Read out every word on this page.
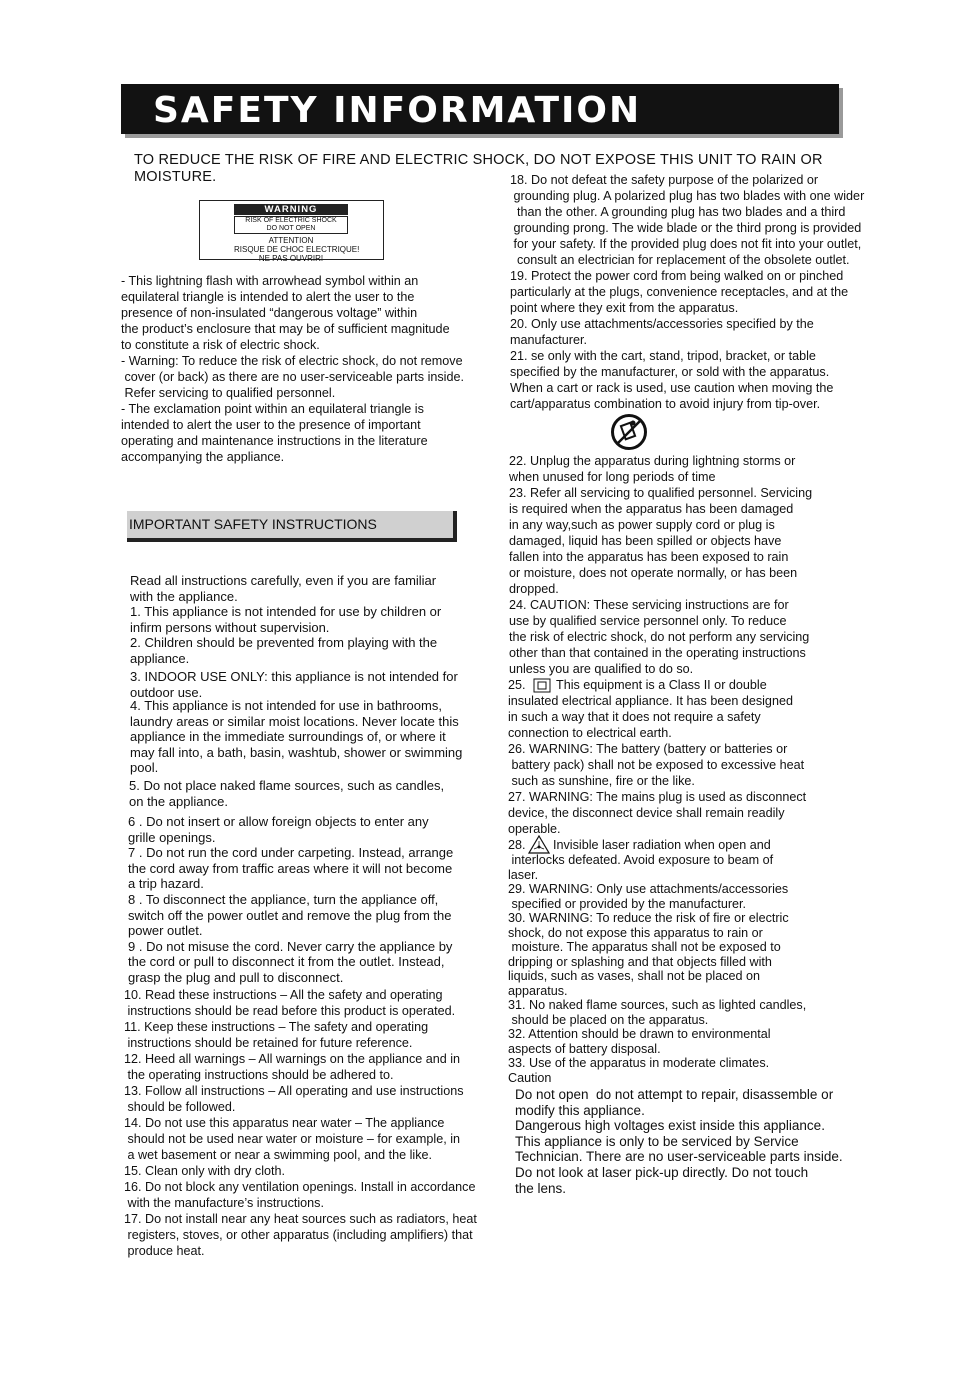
SAFETY INFORMATION
TO REDUCE THE RISK OF FIRE AND ELECTRIC SHOCK, DO NOT EXPOSE THIS UNIT TO RAIN OR MOISTURE.
WARNING
RISK OF ELECTRIC SHOCK
DO NOT OPEN
ATTENTION
RISQUE DE CHOC ELECTRIQUE!
NE PAS OUVRIR!
- This lightning flash with arrowhead symbol within an
equilateral triangle is intended to alert the user to the
presence of non-insulated “dangerous voltage” within
the product’s enclosure that may be of sufficient magnitude
to constitute a risk of electric shock.
- Warning: To reduce the risk of electric shock, do not remove
cover (or back) as there are no user-serviceable parts inside.
Refer servicing to qualified personnel.
- The exclamation point within an equilateral triangle is
intended to alert the user to the presence of important
operating and maintenance instructions in the literature
accompanying the appliance.
IMPORTANT SAFETY INSTRUCTIONS
Read all instructions carefully, even if you are familiar
with the appliance.
1. This appliance is not intended for use by children or
infirm persons without supervision.
2. Children should be prevented from playing with the
appliance.
3. INDOOR USE ONLY: this appliance is not intended for
outdoor use.
4. This appliance is not intended for use in bathrooms,
laundry areas or similar moist locations. Never locate this
appliance in the immediate surroundings of, or where it
may fall into, a bath, basin, washtub, shower or swimming
pool.
5. Do not place naked flame sources, such as candles,
on the appliance.
6 . Do not insert or allow foreign objects to enter any
grille openings.
7 . Do not run the cord under carpeting. Instead, arrange
the cord away from traffic areas where it will not become
a trip hazard.
8 . To disconnect the appliance, turn the appliance off,
switch off the power outlet and remove the plug from the
power outlet.
9 . Do not misuse the cord. Never carry the appliance by
the cord or pull to disconnect it from the outlet. Instead,
grasp the plug and pull to disconnect.
10. Read these instructions – All the safety and operating
instructions should be read before this product is operated.
11. Keep these instructions – The safety and operating
instructions should be retained for future reference.
12. Heed all warnings – All warnings on the appliance and in
the operating instructions should be adhered to.
13. Follow all instructions – All operating and use instructions
should be followed.
14. Do not use this apparatus near water – The appliance
should not be used near water or moisture – for example, in
a wet basement or near a swimming pool, and the like.
15. Clean only with dry cloth.
16. Do not block any ventilation openings. Install in accordance
with the manufacture’s instructions.
17. Do not install near any heat sources such as radiators, heat
registers, stoves, or other apparatus (including amplifiers) that
produce heat.
18. Do not defeat the safety purpose of the polarized or
grounding plug. A polarized plug has two blades with one wider
than the other. A grounding plug has two blades and a third
grounding prong. The wide blade or the third prong is provided
for your safety. If the provided plug does not fit into your outlet,
consult an electrician for replacement of the obsolete outlet.
19. Protect the power cord from being walked on or pinched
particularly at the plugs, convenience receptacles, and at the
point where they exit from the apparatus.
20. Only use attachments/accessories specified by the
manufacturer.
21. se only with the cart, stand, tripod, bracket, or table
specified by the manufacturer, or sold with the apparatus.
When a cart or rack is used, use caution when moving the
cart/apparatus combination to avoid injury from tip-over.
22. Unplug the apparatus during lightning storms or
when unused for long periods of time
23. Refer all servicing to qualified personnel. Servicing
is required when the apparatus has been damaged
in any way,such as power supply cord or plug is
damaged, liquid has been spilled or objects have
fallen into the apparatus has been exposed to rain
or moisture, does not operate normally, or has been
dropped.
24. CAUTION: These servicing instructions are for
use by qualified service personnel only. To reduce
the risk of electric shock, do not perform any servicing
other than that contained in the operating instructions
unless you are qualified to do so.
25. This equipment is a Class II or double
insulated electrical appliance. It has been designed
in such a way that it does not require a safety
connection to electrical earth.
26. WARNING: The battery (battery or batteries or
battery pack) shall not be exposed to excessive heat
such as sunshine, fire or the like.
27. WARNING: The mains plug is used as disconnect
device, the disconnect device shall remain readily
operable.
28. Invisible laser radiation when open and
interlocks defeated. Avoid exposure to beam of
laser.
29. WARNING: Only use attachments/accessories
specified or provided by the manufacturer.
30. WARNING: To reduce the risk of fire or electric
shock, do not expose this apparatus to rain or
moisture. The apparatus shall not be exposed to
dripping or splashing and that objects filled with
liquids, such as vases, shall not be placed on
apparatus.
31. No naked flame sources, such as lighted candles,
should be placed on the apparatus.
32. Attention should be drawn to environmental
aspects of battery disposal.
33. Use of the apparatus in moderate climates.
Caution
Do not open  do not attempt to repair, disassemble or
modify this appliance.
Dangerous high voltages exist inside this appliance.
This appliance is only to be serviced by Service
Technician. There are no user-serviceable parts inside.
Do not look at laser pick-up directly. Do not touch
the lens.
